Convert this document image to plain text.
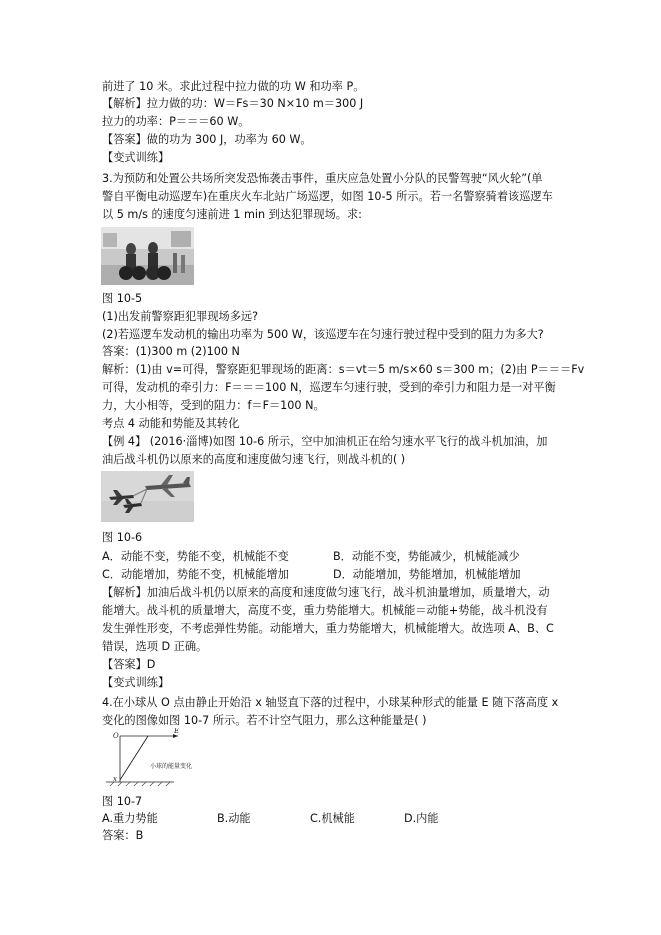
前进了 10 米。求此过程中拉力做的功 W 和功率 P。
【解析】拉力做的功：W＝Fs＝30 N×10 m＝300 J
拉力的功率：P＝＝＝60 W。
【答案】做的功为 300 J，功率为 60 W。
【变式训练】
3.为预防和处置公共场所突发恐怖袭击事件，重庆应急处置小分队的民警驾驶“风火轮”(单
警自平衡电动巡逻车)在重庆火车北站广场巡逻，如图 10-5 所示。若一名警察骑着该巡逻车
以 5 m/s 的速度匀速前进 1 min 到达犯罪现场。求:
图 10-5
(1)出发前警察距犯罪现场多远?
(2)若巡逻车发动机的输出功率为 500 W，该巡逻车在匀速行驶过程中受到的阻力为多大?
答案：(1)300 m (2)100 N
解析：(1)由 v=可得，警察距犯罪现场的距离：s＝vt＝5 m/s×60 s＝300 m；(2)由 P＝＝＝Fv
可得，发动机的牵引力：F＝＝＝100 N，巡逻车匀速行驶，受到的牵引力和阻力是一对平衡
力，大小相等，受到的阻力：f＝F＝100 N。
考点 4 动能和势能及其转化
【例 4】 (2016·淄博)如图 10-6 所示，空中加油机正在给匀速水平飞行的战斗机加油，加
油后战斗机仍以原来的高度和速度做匀速飞行，则战斗机的( )
图 10-6
A．动能不变，势能不变，机械能不变	B．动能不变，势能减少，机械能减少
C．动能增加，势能不变，机械能增加	D．动能增加，势能增加，机械能增加
【解析】加油后战斗机仍以原来的高度和速度做匀速飞行，战斗机油量增加，质量增大，动
能增大。战斗机的质量增大，高度不变，重力势能增大。机械能＝动能+势能，战斗机没有
发生弹性形变，不考虑弹性势能。动能增大，重力势能增大，机械能增大。故选项 A、B、C
错误，选项 D 正确。
【答案】D
【变式训练】
4.在小球从 O 点由静止开始沿 x 轴竖直下落的过程中，小球某种形式的能量 E 随下落高度 x
变化的图像如图 10-7 所示。若不计空气阻力，那么这种能量是( )
O
E
x
小球的能量变化
图 10-7
A.重力势能	B.动能	C.机械能	D.内能
答案：B
